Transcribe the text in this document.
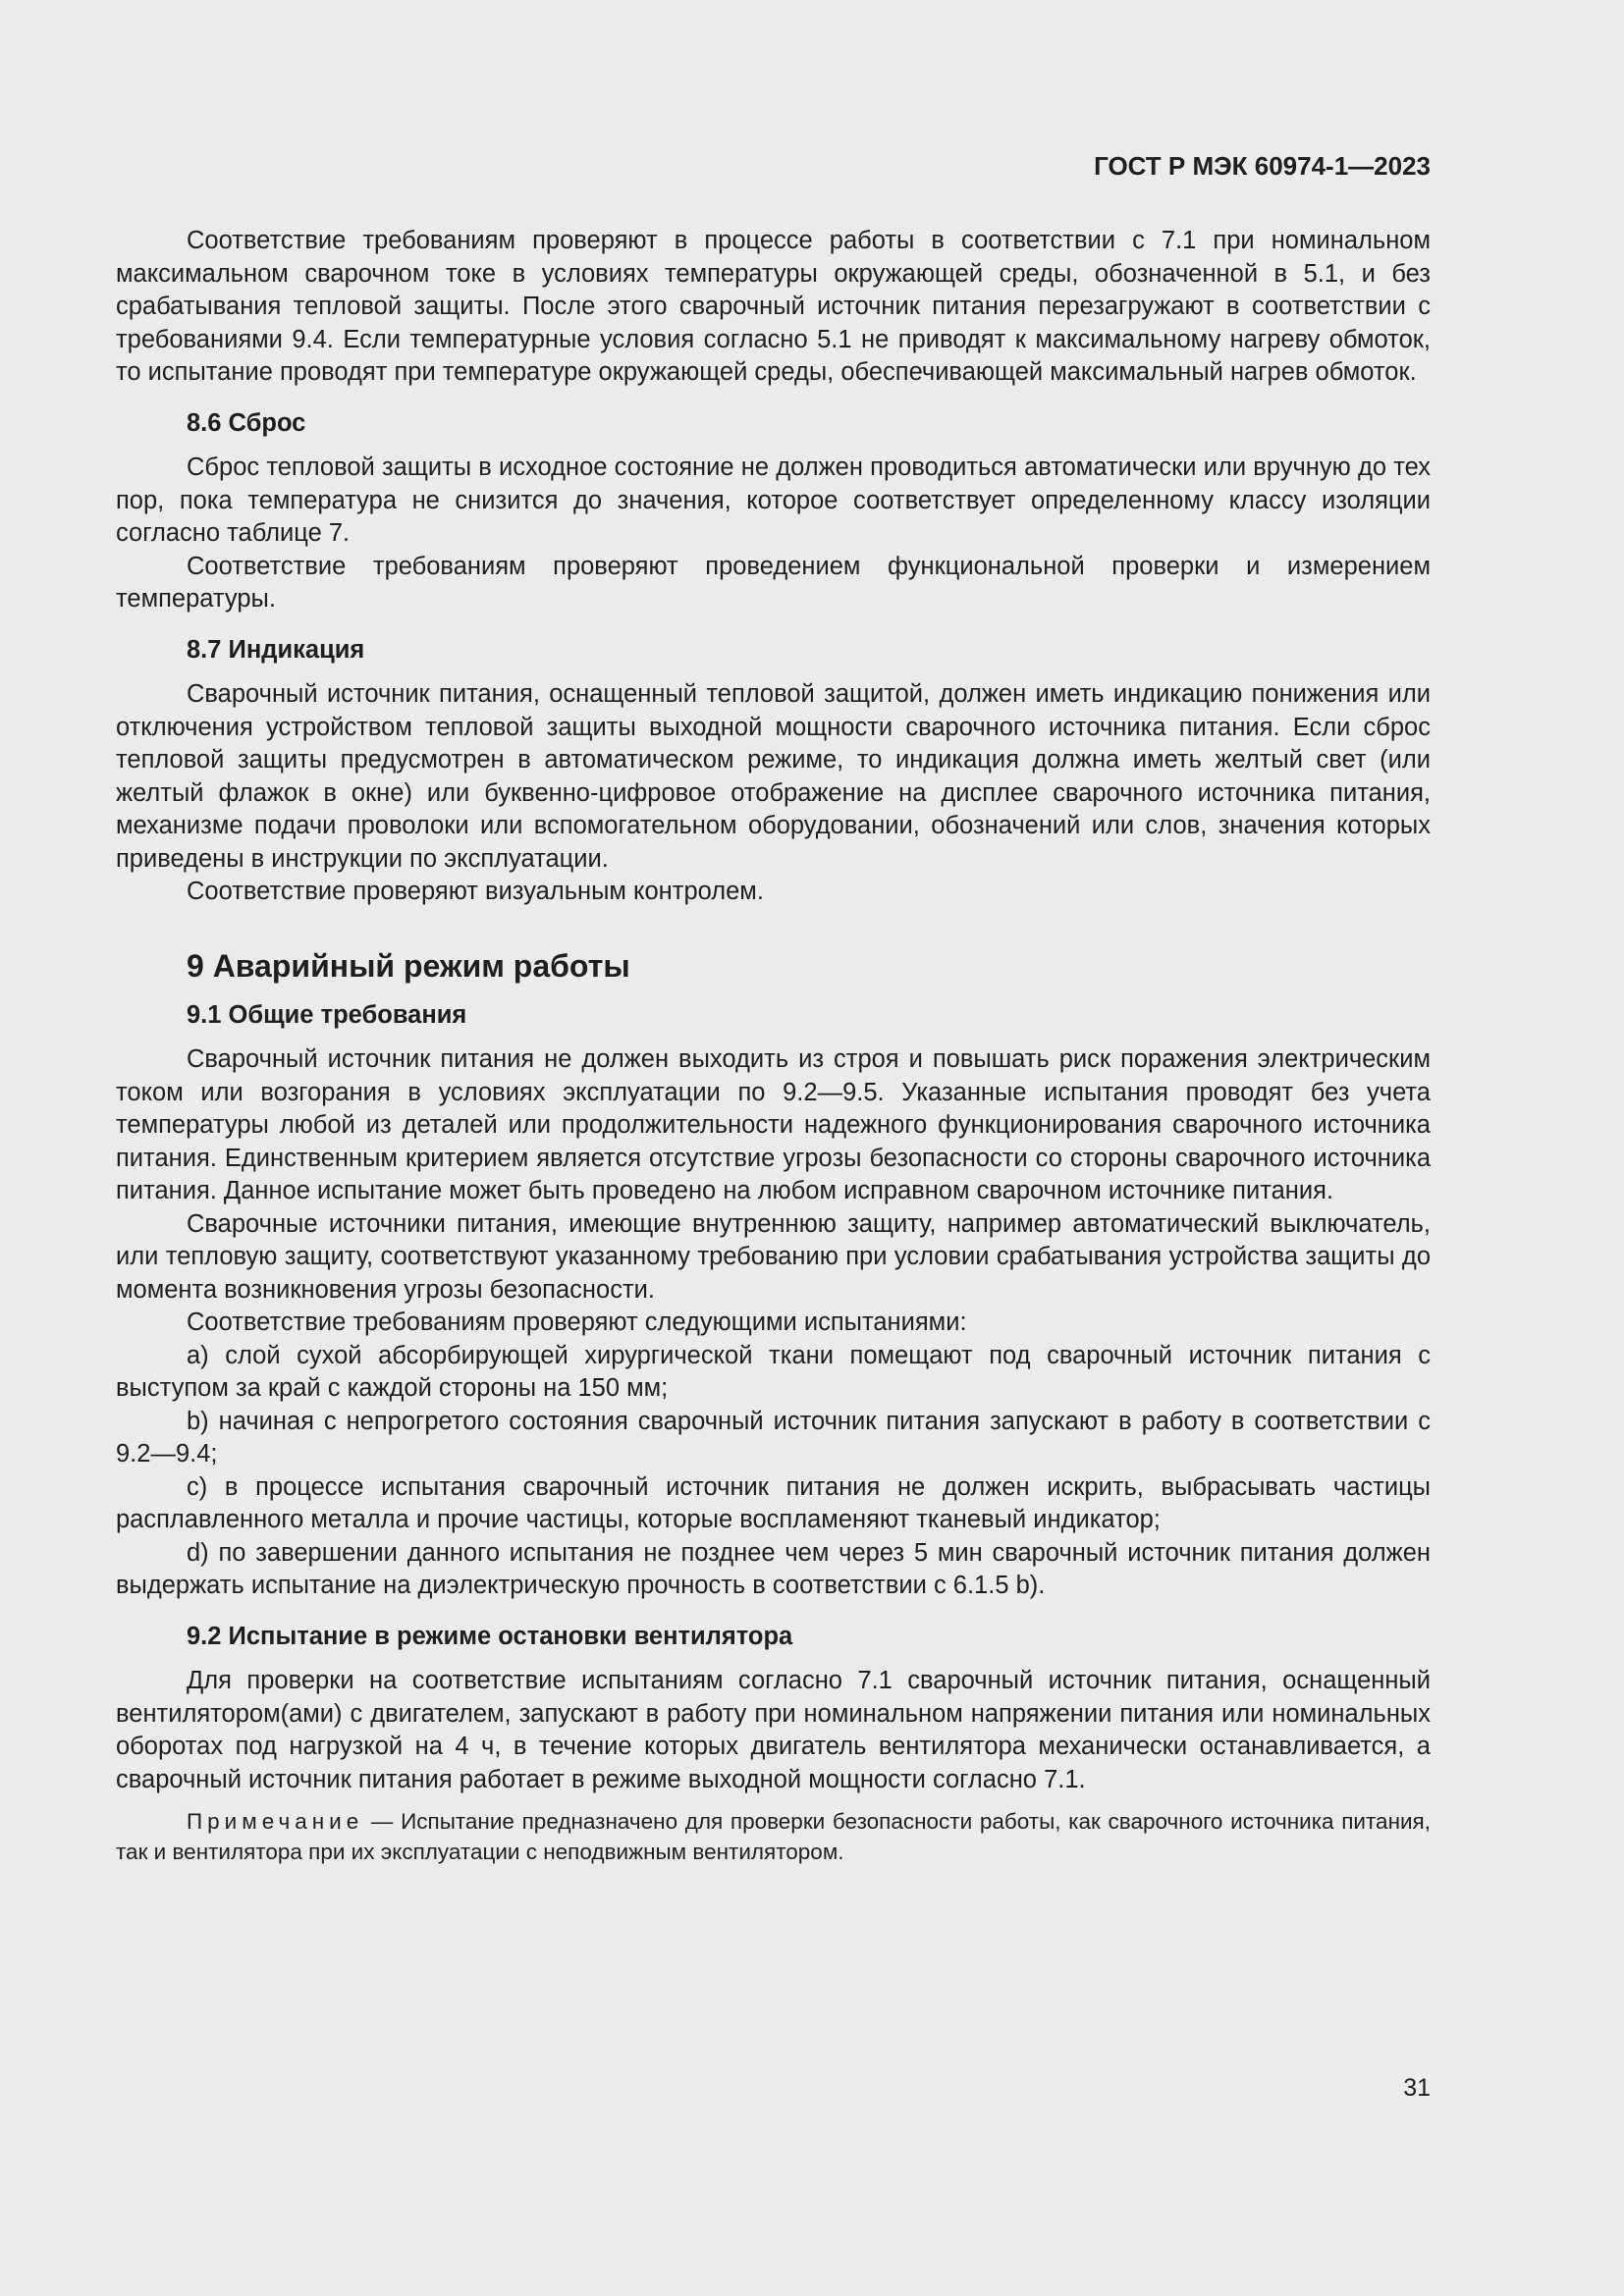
ГОСТ Р МЭК 60974-1—2023

Соответствие требованиям проверяют в процессе работы в соответствии с 7.1 при номинальном максимальном сварочном токе в условиях температуры окружающей среды, обозначенной в 5.1, и без срабатывания тепловой защиты. После этого сварочный источник питания перезагружают в соответствии с требованиями 9.4. Если температурные условия согласно 5.1 не приводят к максимальному нагреву обмоток, то испытание проводят при температуре окружающей среды, обеспечивающей максимальный нагрев обмоток.

8.6 Сброс

Сброс тепловой защиты в исходное состояние не должен проводиться автоматически или вручную до тех пор, пока температура не снизится до значения, которое соответствует определенному классу изоляции согласно таблице 7.

Соответствие требованиям проверяют проведением функциональной проверки и измерением температуры.

8.7 Индикация

Сварочный источник питания, оснащенный тепловой защитой, должен иметь индикацию понижения или отключения устройством тепловой защиты выходной мощности сварочного источника питания. Если сброс тепловой защиты предусмотрен в автоматическом режиме, то индикация должна иметь желтый свет (или желтый флажок в окне) или буквенно-цифровое отображение на дисплее сварочного источника питания, механизме подачи проволоки или вспомогательном оборудовании, обозначений или слов, значения которых приведены в инструкции по эксплуатации.

Соответствие проверяют визуальным контролем.

9 Аварийный режим работы
9.1 Общие требования

Сварочный источник питания не должен выходить из строя и повышать риск поражения электрическим током или возгорания в условиях эксплуатации по 9.2—9.5. Указанные испытания проводят без учета температуры любой из деталей или продолжительности надежного функционирования сварочного источника питания. Единственным критерием является отсутствие угрозы безопасности со стороны сварочного источника питания. Данное испытание может быть проведено на любом исправном сварочном источнике питания.

Сварочные источники питания, имеющие внутреннюю защиту, например автоматический выключатель, или тепловую защиту, соответствуют указанному требованию при условии срабатывания устройства защиты до момента возникновения угрозы безопасности.

Соответствие требованиям проверяют следующими испытаниями:

a) слой сухой абсорбирующей хирургической ткани помещают под сварочный источник питания с выступом за край с каждой стороны на 150 мм;

b) начиная с непрогретого состояния сварочный источник питания запускают в работу в соответствии с 9.2—9.4;

c) в процессе испытания сварочный источник питания не должен искрить, выбрасывать частицы расплавленного металла и прочие частицы, которые воспламеняют тканевый индикатор;

d) по завершении данного испытания не позднее чем через 5 мин сварочный источник питания должен выдержать испытание на диэлектрическую прочность в соответствии с 6.1.5 b).

9.2 Испытание в режиме остановки вентилятора

Для проверки на соответствие испытаниям согласно 7.1 сварочный источник питания, оснащенный вентилятором(ами) с двигателем, запускают в работу при номинальном напряжении питания или номинальных оборотах под нагрузкой на 4 ч, в течение которых двигатель вентилятора механически останавливается, а сварочный источник питания работает в режиме выходной мощности согласно 7.1.

Примечание — Испытание предназначено для проверки безопасности работы, как сварочного источника питания, так и вентилятора при их эксплуатации с неподвижным вентилятором.

31
